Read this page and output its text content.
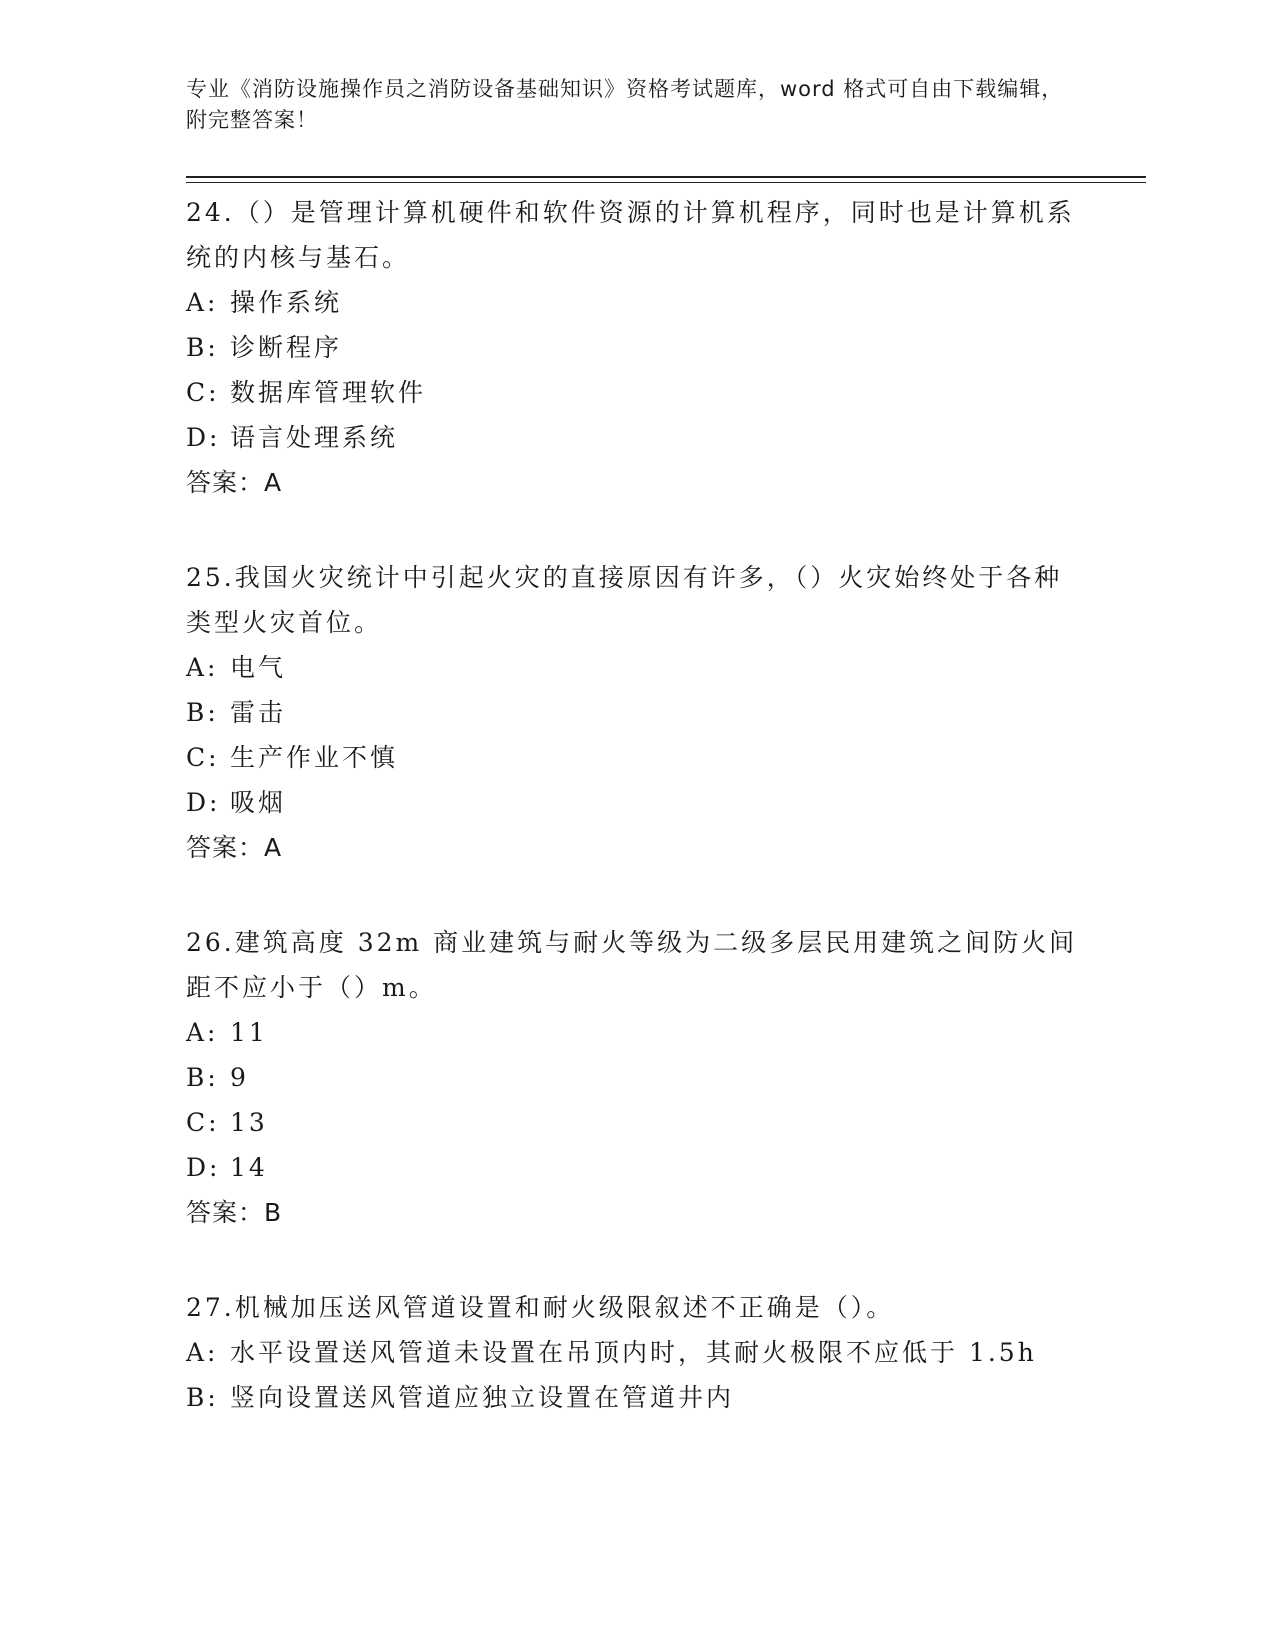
专业《消防设施操作员之消防设备基础知识》资格考试题库，word 格式可自由下载编辑，附完整答案！

24.（）是管理计算机硬件和软件资源的计算机程序，同时也是计算机系统的内核与基石。

A: 操作系统
B: 诊断程序
C: 数据库管理软件
D: 语言处理系统
答案：A

25.我国火灾统计中引起火灾的直接原因有许多，（）火灾始终处于各种类型火灾首位。

A: 电气
B: 雷击
C: 生产作业不慎
D: 吸烟
答案：A

26.建筑高度 32m 商业建筑与耐火等级为二级多层民用建筑之间防火间距不应小于（）m。

A: 11
B: 9
C: 13
D: 14
答案：B

27.机械加压送风管道设置和耐火级限叙述不正确是（）。

A: 水平设置送风管道未设置在吊顶内时，其耐火极限不应低于 1.5h
B: 竖向设置送风管道应独立设置在管道井内
